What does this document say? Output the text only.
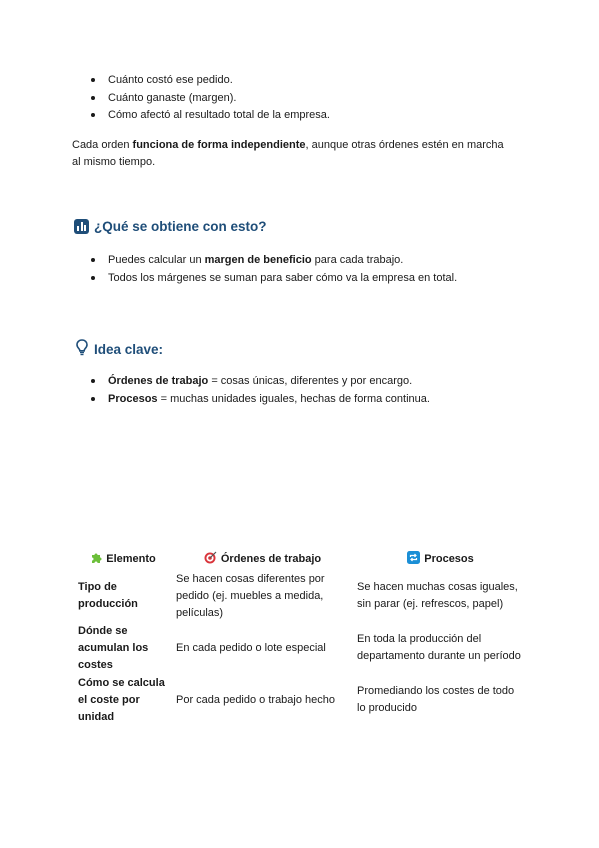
Cuánto costó ese pedido.
Cuánto ganaste (margen).
Cómo afectó al resultado total de la empresa.

Cada orden funciona de forma independiente, aunque otras órdenes estén en marcha al mismo tiempo.

¿Qué se obtiene con esto?
Puedes calcular un margen de beneficio para cada trabajo.
Todos los márgenes se suman para saber cómo va la empresa en total.
Idea clave:
Órdenes de trabajo = cosas únicas, diferentes y por encargo.
Procesos = muchas unidades iguales, hechas de forma continua.
Elemento	Órdenes de trabajo	Procesos
Tipo de producción	Se hacen cosas diferentes por pedido (ej. muebles a medida, películas)	Se hacen muchas cosas iguales, sin parar (ej. refrescos, papel)
Dónde se acumulan los costes	En cada pedido o lote especial	En toda la producción del departamento durante un período
Cómo se calcula el coste por unidad	Por cada pedido o trabajo hecho	Promediando los costes de todo lo producido
